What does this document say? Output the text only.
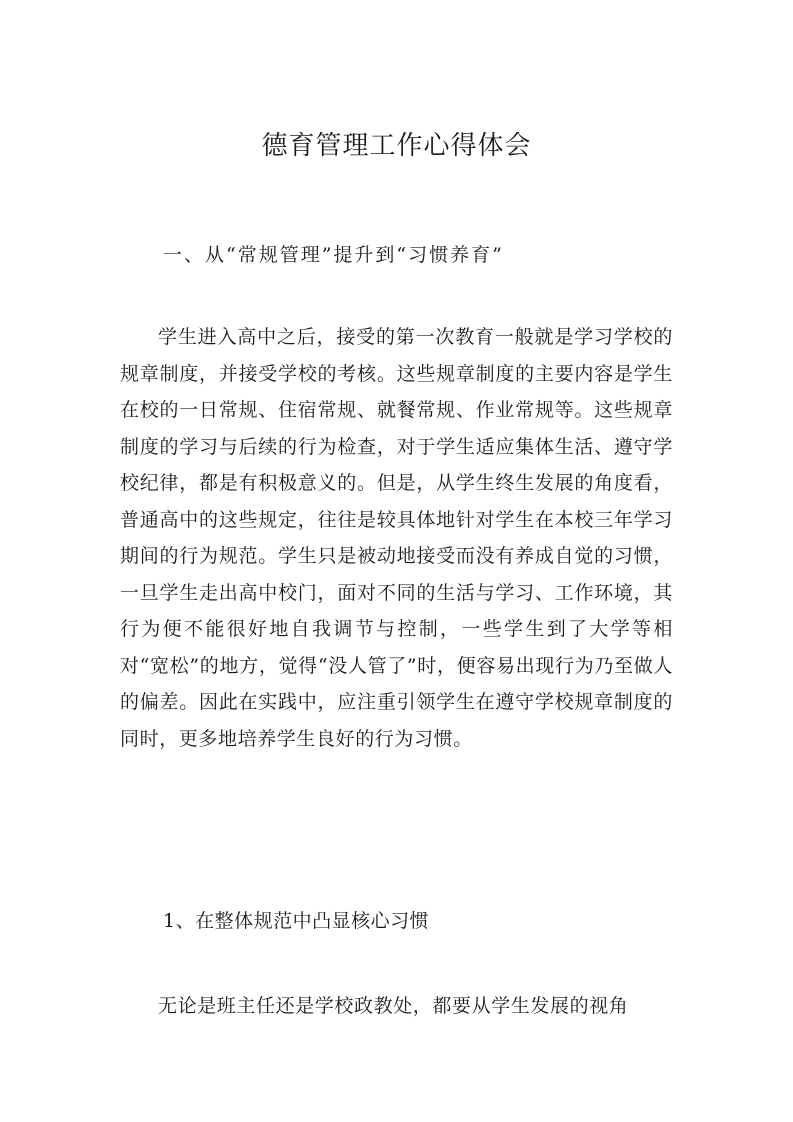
德育管理工作心得体会
一、从“常规管理”提升到“习惯养育”

学生进入高中之后，接受的第一次教育一般就是学习学校的规章制度，并接受学校的考核。这些规章制度的主要内容是学生在校的一日常规、住宿常规、就餐常规、作业常规等。这些规章制度的学习与后续的行为检查，对于学生适应集体生活、遵守学校纪律，都是有积极意义的。但是，从学生终生发展的角度看，普通高中的这些规定，往往是较具体地针对学生在本校三年学习期间的行为规范。学生只是被动地接受而没有养成自觉的习惯，一旦学生走出高中校门，面对不同的生活与学习、工作环境，其行为便不能很好地自我调节与控制，一些学生到了大学等相对“宽松”的地方，觉得“没人管了”时，便容易出现行为乃至做人的偏差。因此在实践中，应注重引领学生在遵守学校规章制度的同时，更多地培养学生良好的行为习惯。

1、在整体规范中凸显核心习惯

无论是班主任还是学校政教处，都要从学生发展的视角
